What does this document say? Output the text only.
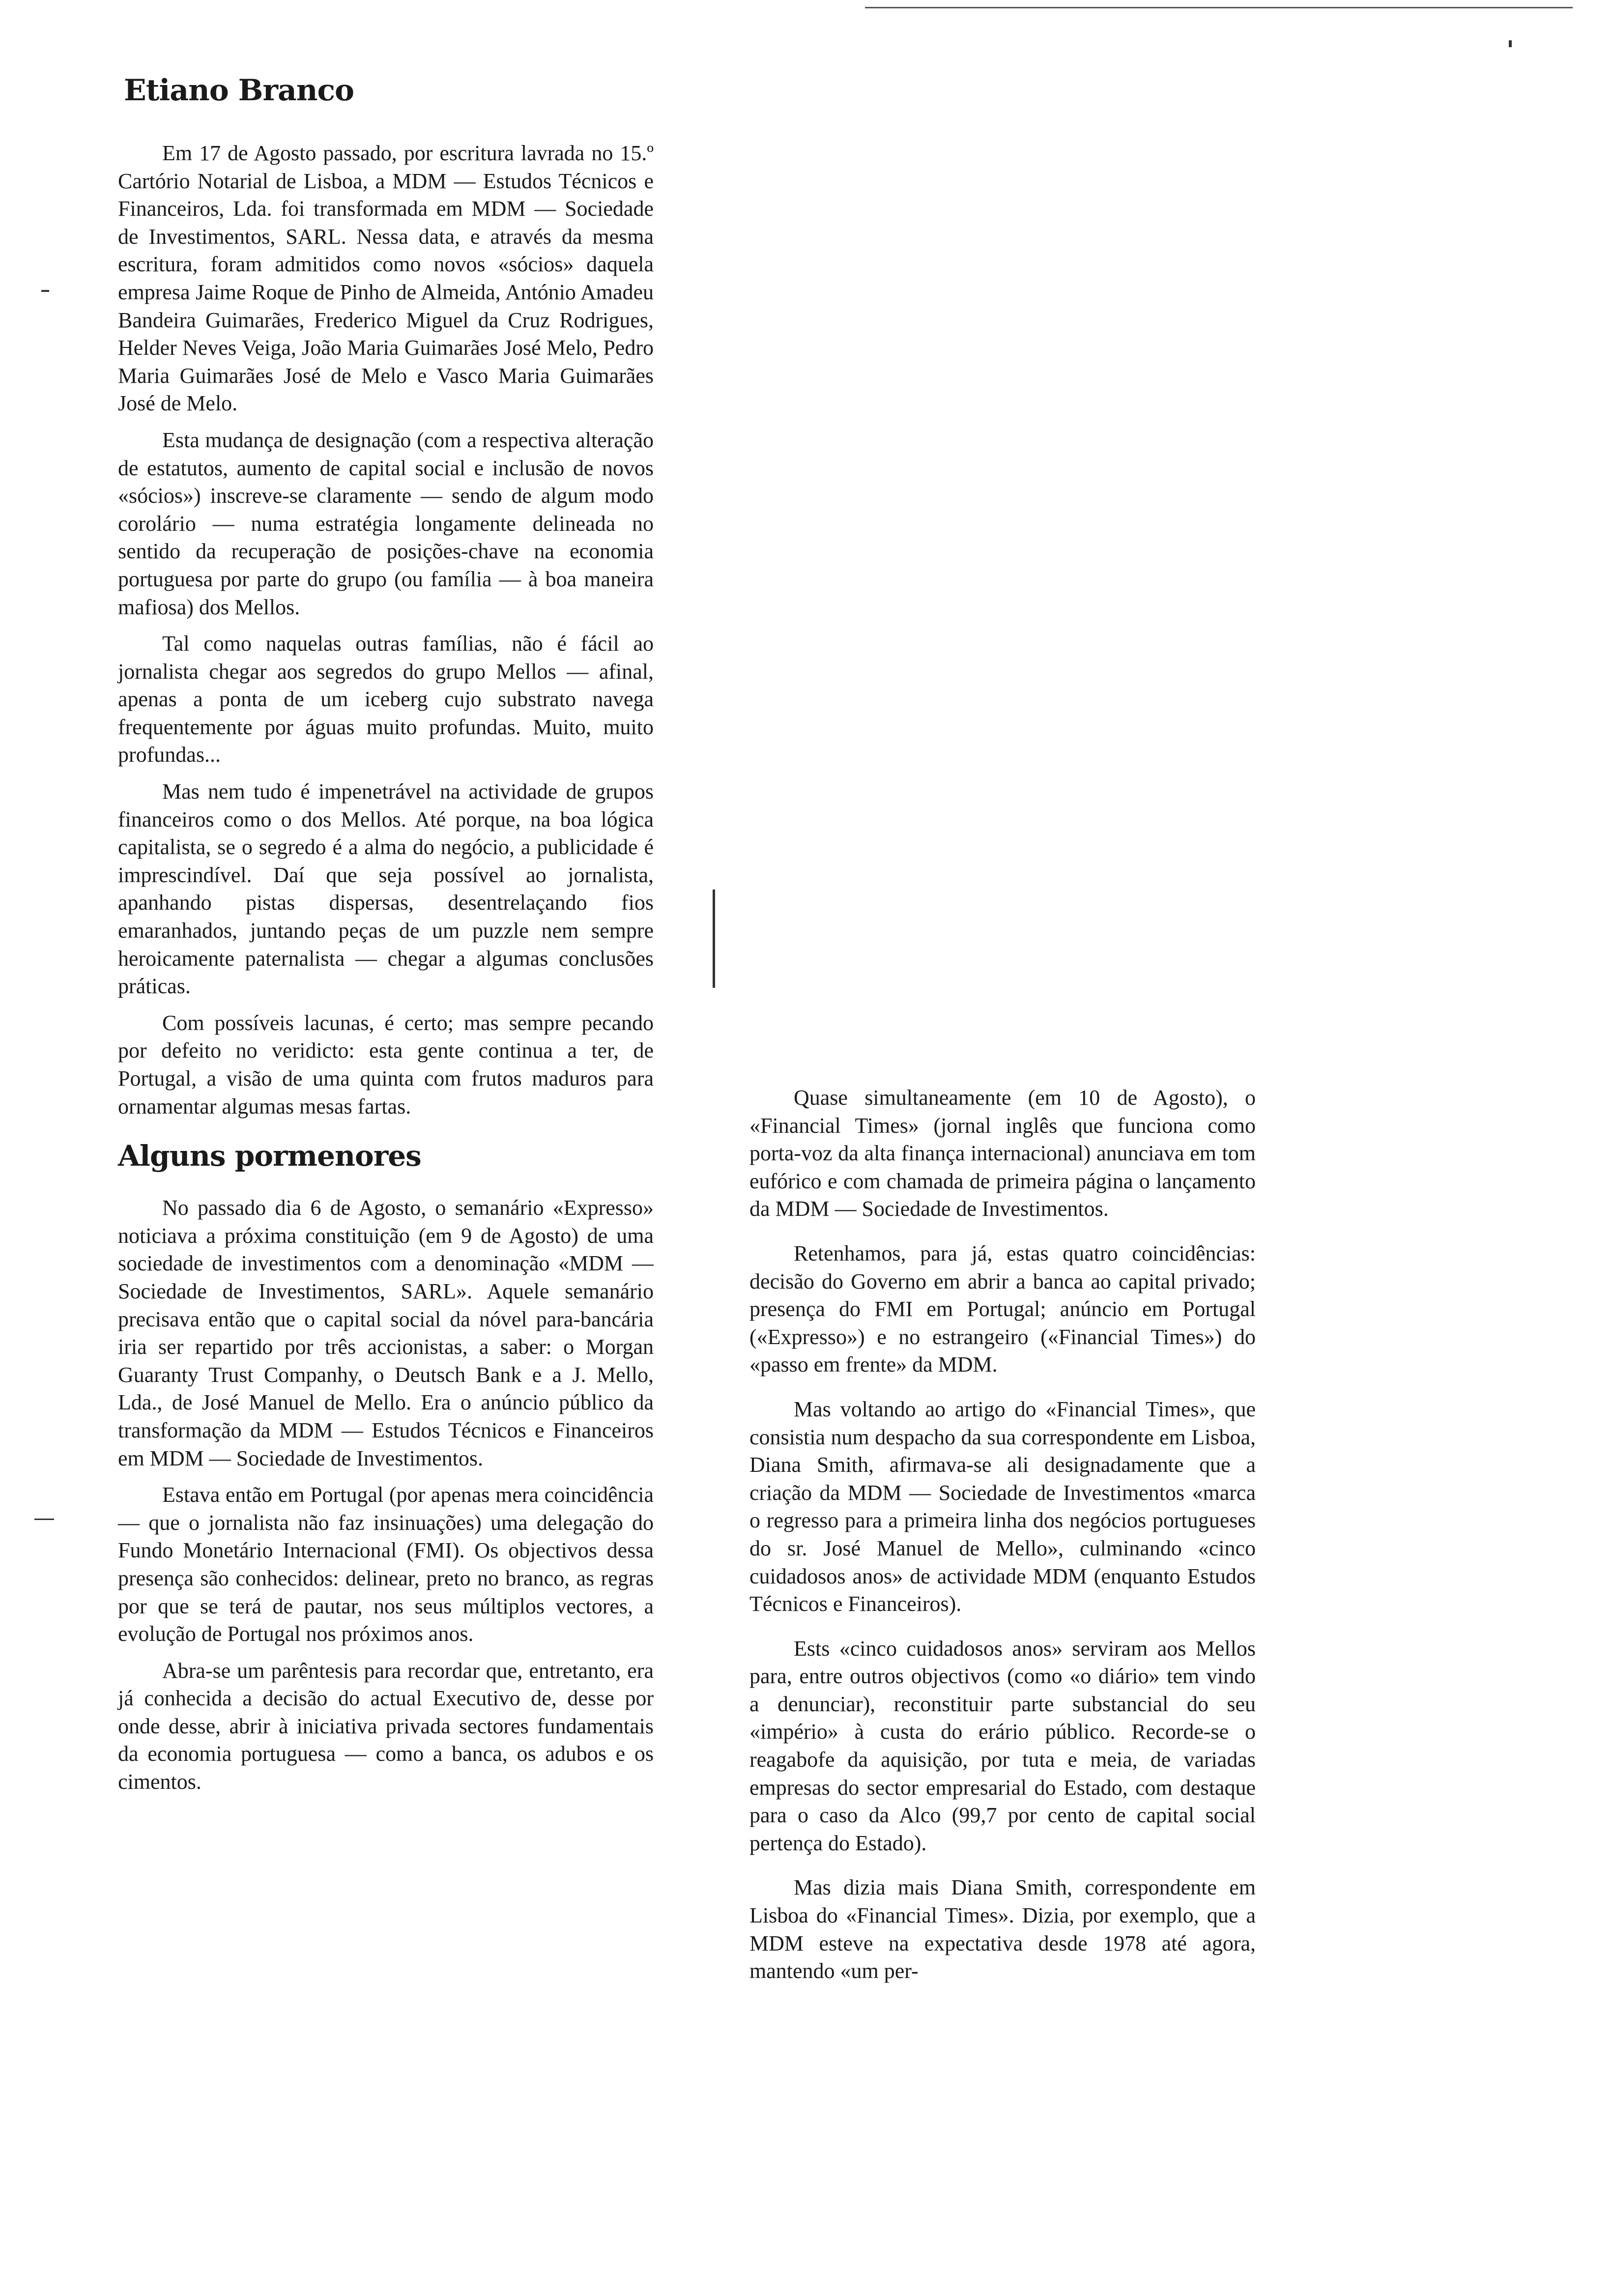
Etiano Branco

Em 17 de Agosto passado, por escritura lavrada no 15.º Cartório Notarial de Lisboa, a MDM — Estudos Técnicos e Financeiros, Lda. foi transformada em MDM — Sociedade de Investimentos, SARL. Nessa data, e através da mesma escritura, foram admitidos como novos «sócios» daquela empresa Jaime Roque de Pinho de Almeida, António Amadeu Bandeira Guimarães, Frederico Miguel da Cruz Rodrigues, Helder Neves Veiga, João Maria Guimarães José Melo, Pedro Maria Guimarães José de Melo e Vasco Maria Guimarães José de Melo.

Esta mudança de designação (com a respectiva alteração de estatutos, aumento de capital social e inclusão de novos «sócios») inscreve-se claramente — sendo de algum modo corolário — numa estratégia longamente delineada no sentido da recuperação de posições-chave na economia portuguesa por parte do grupo (ou família — à boa maneira mafiosa) dos Mellos.

Tal como naquelas outras famílias, não é fácil ao jornalista chegar aos segredos do grupo Mellos — afinal, apenas a ponta de um iceberg cujo substrato navega frequentemente por águas muito profundas. Muito, muito profundas...

Mas nem tudo é impenetrável na actividade de grupos financeiros como o dos Mellos. Até porque, na boa lógica capitalista, se o segredo é a alma do negócio, a publicidade é imprescindível. Daí que seja possível ao jornalista, apanhando pistas dispersas, desentrelaçando fios emaranhados, juntando peças de um puzzle nem sempre heroicamente paternalista — chegar a algumas conclusões práticas.

Com possíveis lacunas, é certo; mas sempre pecando por defeito no veridicto: esta gente continua a ter, de Portugal, a visão de uma quinta com frutos maduros para ornamentar algumas mesas fartas.

Alguns pormenores

No passado dia 6 de Agosto, o semanário «Expresso» noticiava a próxima constituição (em 9 de Agosto) de uma sociedade de investimentos com a denominação «MDM — Sociedade de Investimentos, SARL». Aquele semanário precisava então que o capital social da nóvel para-bancária iria ser repartido por três accionistas, a saber: o Morgan Guaranty Trust Companhy, o Deutsch Bank e a J. Mello, Lda., de José Manuel de Mello. Era o anúncio público da transformação da MDM — Estudos Técnicos e Financeiros em MDM — Sociedade de Investimentos.

Estava então em Portugal (por apenas mera coincidência — que o jornalista não faz insinuações) uma delegação do Fundo Monetário Internacional (FMI). Os objectivos dessa presença são conhecidos: delinear, preto no branco, as regras por que se terá de pautar, nos seus múltiplos vectores, a evolução de Portugal nos próximos anos.

Abra-se um parêntesis para recordar que, entretanto, era já conhecida a decisão do actual Executivo de, desse por onde desse, abrir à iniciativa privada sectores fundamentais da economia portuguesa — como a banca, os adubos e os cimentos.

Quase simultaneamente (em 10 de Agosto), o «Financial Times» (jornal inglês que funciona como porta-voz da alta finança internacional) anunciava em tom eufórico e com chamada de primeira página o lançamento da MDM — Sociedade de Investimentos.

Retenhamos, para já, estas quatro coincidências: decisão do Governo em abrir a banca ao capital privado; presença do FMI em Portugal; anúncio em Portugal («Expresso») e no estrangeiro («Financial Times») do «passo em frente» da MDM.

Mas voltando ao artigo do «Financial Times», que consistia num despacho da sua correspondente em Lisboa, Diana Smith, afirmava-se ali designadamente que a criação da MDM — Sociedade de Investimentos «marca o regresso para a primeira linha dos negócios portugueses do sr. José Manuel de Mello», culminando «cinco cuidadosos anos» de actividade MDM (enquanto Estudos Técnicos e Financeiros).

Ests «cinco cuidadosos anos» serviram aos Mellos para, entre outros objectivos (como «o diário» tem vindo a denunciar), reconstituir parte substancial do seu «império» à custa do erário público. Recorde-se o reagabofe da aquisição, por tuta e meia, de variadas empresas do sector empresarial do Estado, com destaque para o caso da Alco (99,7 por cento de capital social pertença do Estado).

Mas dizia mais Diana Smith, correspondente em Lisboa do «Financial Times». Dizia, por exemplo, que a MDM esteve na expectativa desde 1978 até agora, mantendo «um per-
